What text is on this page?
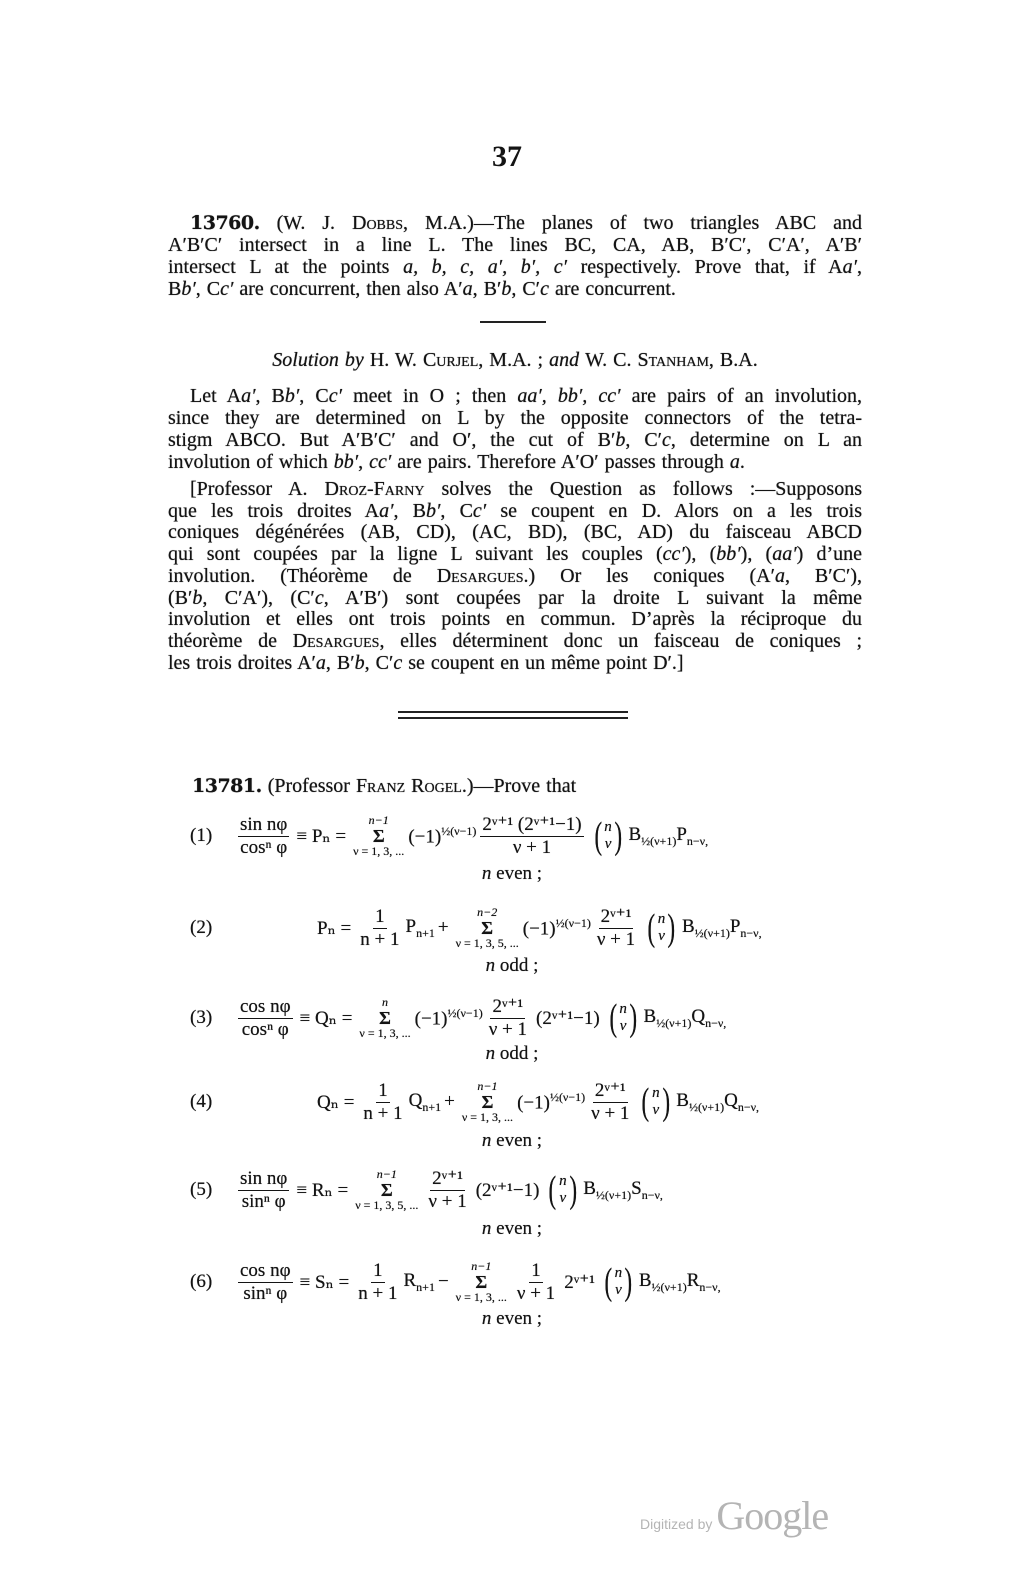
37
13760. (W. J. Dobbs, M.A.)—The planes of two triangles ABC and
A′B′C′ intersect in a line L. The lines BC, CA, AB, B′C′, C′A′, A′B′
intersect L at the points a, b, c, a′, b′, c′ respectively. Prove that, if Aa′,
Bb′, Cc′ are concurrent, then also A′a, B′b, C′c are concurrent.
Solution by H. W. Curjel, M.A. ; and W. C. Stanham, B.A.
Let Aa′, Bb′, Cc′ meet in O ; then aa′, bb′, cc′ are pairs of an involution,
since they are determined on L by the opposite connectors of the tetra-
stigm ABCO. But A′B′C′ and O′, the cut of B′b, C′c, determine on L an
involution of which bb′, cc′ are pairs. Therefore A′O′ passes through a.
[Professor A. Droz-Farny solves the Question as follows :—Supposons
que les trois droites Aa′, Bb′, Cc′ se coupent en D. Alors on a les trois
coniques dégénérées (AB, CD), (AC, BD), (BC, AD) du faisceau ABCD
qui sont coupées par la ligne L suivant les couples (cc′), (bb′), (aa′) d’une
involution. (Théorème de Desargues.) Or les coniques (A′a, B′C′),
(B′b, C′A′), (C′c, A′B′) sont coupées par la droite L suivant la même
involution et elles ont trois points en commun. D’après la réciproque du
théorème de Desargues, elles déterminent donc un faisceau de coniques ;
les trois droites A′a, B′b, C′c se coupent en un même point D′.]
13781. (Professor Franz Rogel.)—Prove that
(1)	$\frac{\text{sin nφ}}{\text{cosⁿ φ}} \equiv P_n$ =
n−1
Σ
ν = 1, 3, ...
$(-1)^{\frac{1}{2}(\nu-1)} \frac{\text{2ᵛ⁺¹ (2ᵛ⁺¹−1)}}{\nu + 1}$ ( n
ν ) $B_{\frac{1}{2}(\nu+1)}$ $P_{n-\nu,}$
n even ;
(2)	$P_n = \frac{1}{n + 1} P_{n+1}$ +
n−2
Σ
ν = 1, 3, 5, ...
$(-1)^{\frac{1}{2}(\nu-1)} \frac{\text{2ᵛ⁺¹}}{\nu + 1}$ ( n
ν ) $B_{\frac{1}{2}(\nu+1)}$ $P_{n-\nu,}$
n odd ;
(3)	$\frac{\text{cos nφ}}{\text{cosⁿ φ}} \equiv Q_n$ =
n
Σ
ν = 1, 3, ...
$(-1)^{\frac{1}{2}(\nu-1)} \frac{\text{2ᵛ⁺¹}}{\nu + 1}$ (2ᵛ⁺¹−1) ( n
ν ) $B_{\frac{1}{2}(\nu+1)}$ $Q_{n-\nu,}$
n odd ;
(4)	$Q_n = \frac{1}{n + 1} Q_{n+1}$ +
n−1
Σ
ν = 1, 3, ...
$(-1)^{\frac{1}{2}(\nu-1)} \frac{\text{2ᵛ⁺¹}}{\nu + 1}$ ( n
ν ) $B_{\frac{1}{2}(\nu+1)}$ $Q_{n-\nu,}$
n even ;
(5)	$\frac{\text{sin nφ}}{\text{sinⁿ φ}} \equiv R_n$ =
n−1
Σ
ν = 1, 3, 5, ... $\frac{\text{2ᵛ⁺¹}}{\nu + 1}$ (2ᵛ⁺¹−1) ( n
ν ) $B_{\frac{1}{2}(\nu+1)}$ $S_{n-\nu,}$
n even ;
(6)	$\frac{\text{cos nφ}}{\text{sinⁿ φ}} \equiv S_n = \frac{1}{n + 1} R_{n+1}$ −
n−1
Σ
ν = 1, 3, ... $\frac{1}{\nu + 1}$ 2ᵛ⁺¹ ( n
ν ) $B_{\frac{1}{2}(\nu+1)}$ $R_{n-\nu,}$
n even ;
Digitized by Google
